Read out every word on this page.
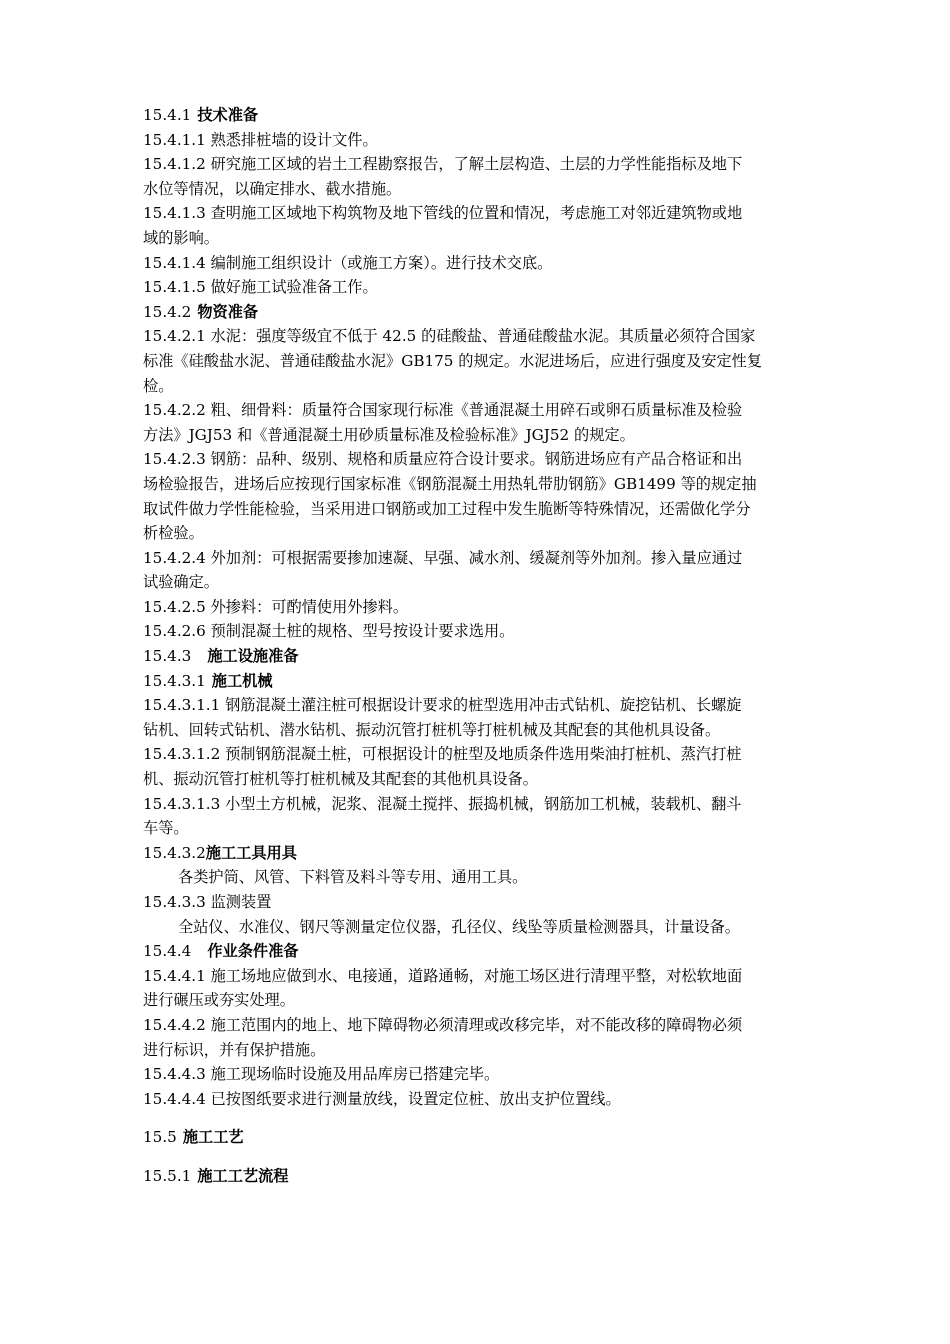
15.4.1 技术准备
15.4.1.1 熟悉排桩墙的设计文件。
15.4.1.2 研究施工区域的岩土工程勘察报告，了解土层构造、土层的力学性能指标及地下
水位等情况，以确定排水、截水措施。
15.4.1.3 查明施工区域地下构筑物及地下管线的位置和情况，考虑施工对邻近建筑物或地
域的影响。
15.4.1.4 编制施工组织设计（或施工方案）。进行技术交底。
15.4.1.5 做好施工试验准备工作。
15.4.2 物资准备
15.4.2.1 水泥：强度等级宜不低于 42.5 的硅酸盐、普通硅酸盐水泥。其质量必须符合国家
标准《硅酸盐水泥、普通硅酸盐水泥》GB175 的规定。水泥进场后，应进行强度及安定性复
检。
15.4.2.2 粗、细骨料：质量符合国家现行标准《普通混凝土用碎石或卵石质量标准及检验
方法》JGJ53 和《普通混凝土用砂质量标准及检验标准》JGJ52 的规定。
15.4.2.3 钢筋：品种、级别、规格和质量应符合设计要求。钢筋进场应有产品合格证和出
场检验报告，进场后应按现行国家标准《钢筋混凝土用热轧带肋钢筋》GB1499 等的规定抽
取试件做力学性能检验，当采用进口钢筋或加工过程中发生脆断等特殊情况，还需做化学分
析检验。
15.4.2.4 外加剂：可根据需要掺加速凝、早强、减水剂、缓凝剂等外加剂。掺入量应通过
试验确定。
15.4.2.5 外掺料：可酌情使用外掺料。
15.4.2.6 预制混凝土桩的规格、型号按设计要求选用。
15.4.3 施工设施准备
15.4.3.1 施工机械
15.4.3.1.1 钢筋混凝土灌注桩可根据设计要求的桩型选用冲击式钻机、旋挖钻机、长螺旋
钻机、回转式钻机、潜水钻机、振动沉管打桩机等打桩机械及其配套的其他机具设备。
15.4.3.1.2 预制钢筋混凝土桩，可根据设计的桩型及地质条件选用柴油打桩机、蒸汽打桩
机、振动沉管打桩机等打桩机械及其配套的其他机具设备。
15.4.3.1.3 小型土方机械，泥浆、混凝土搅拌、振捣机械，钢筋加工机械，装载机、翻斗
车等。
15.4.3.2施工工具用具
各类护筒、风管、下料管及料斗等专用、通用工具。
15.4.3.3 监测装置
全站仪、水准仪、钢尺等测量定位仪器，孔径仪、线坠等质量检测器具，计量设备。
15.4.4 作业条件准备
15.4.4.1 施工场地应做到水、电接通，道路通畅，对施工场区进行清理平整，对松软地面
进行碾压或夯实处理。
15.4.4.2 施工范围内的地上、地下障碍物必须清理或改移完毕，对不能改移的障碍物必须
进行标识，并有保护措施。
15.4.4.3 施工现场临时设施及用品库房已搭建完毕。
15.4.4.4 已按图纸要求进行测量放线，设置定位桩、放出支护位置线。
15.5 施工工艺
15.5.1 施工工艺流程
